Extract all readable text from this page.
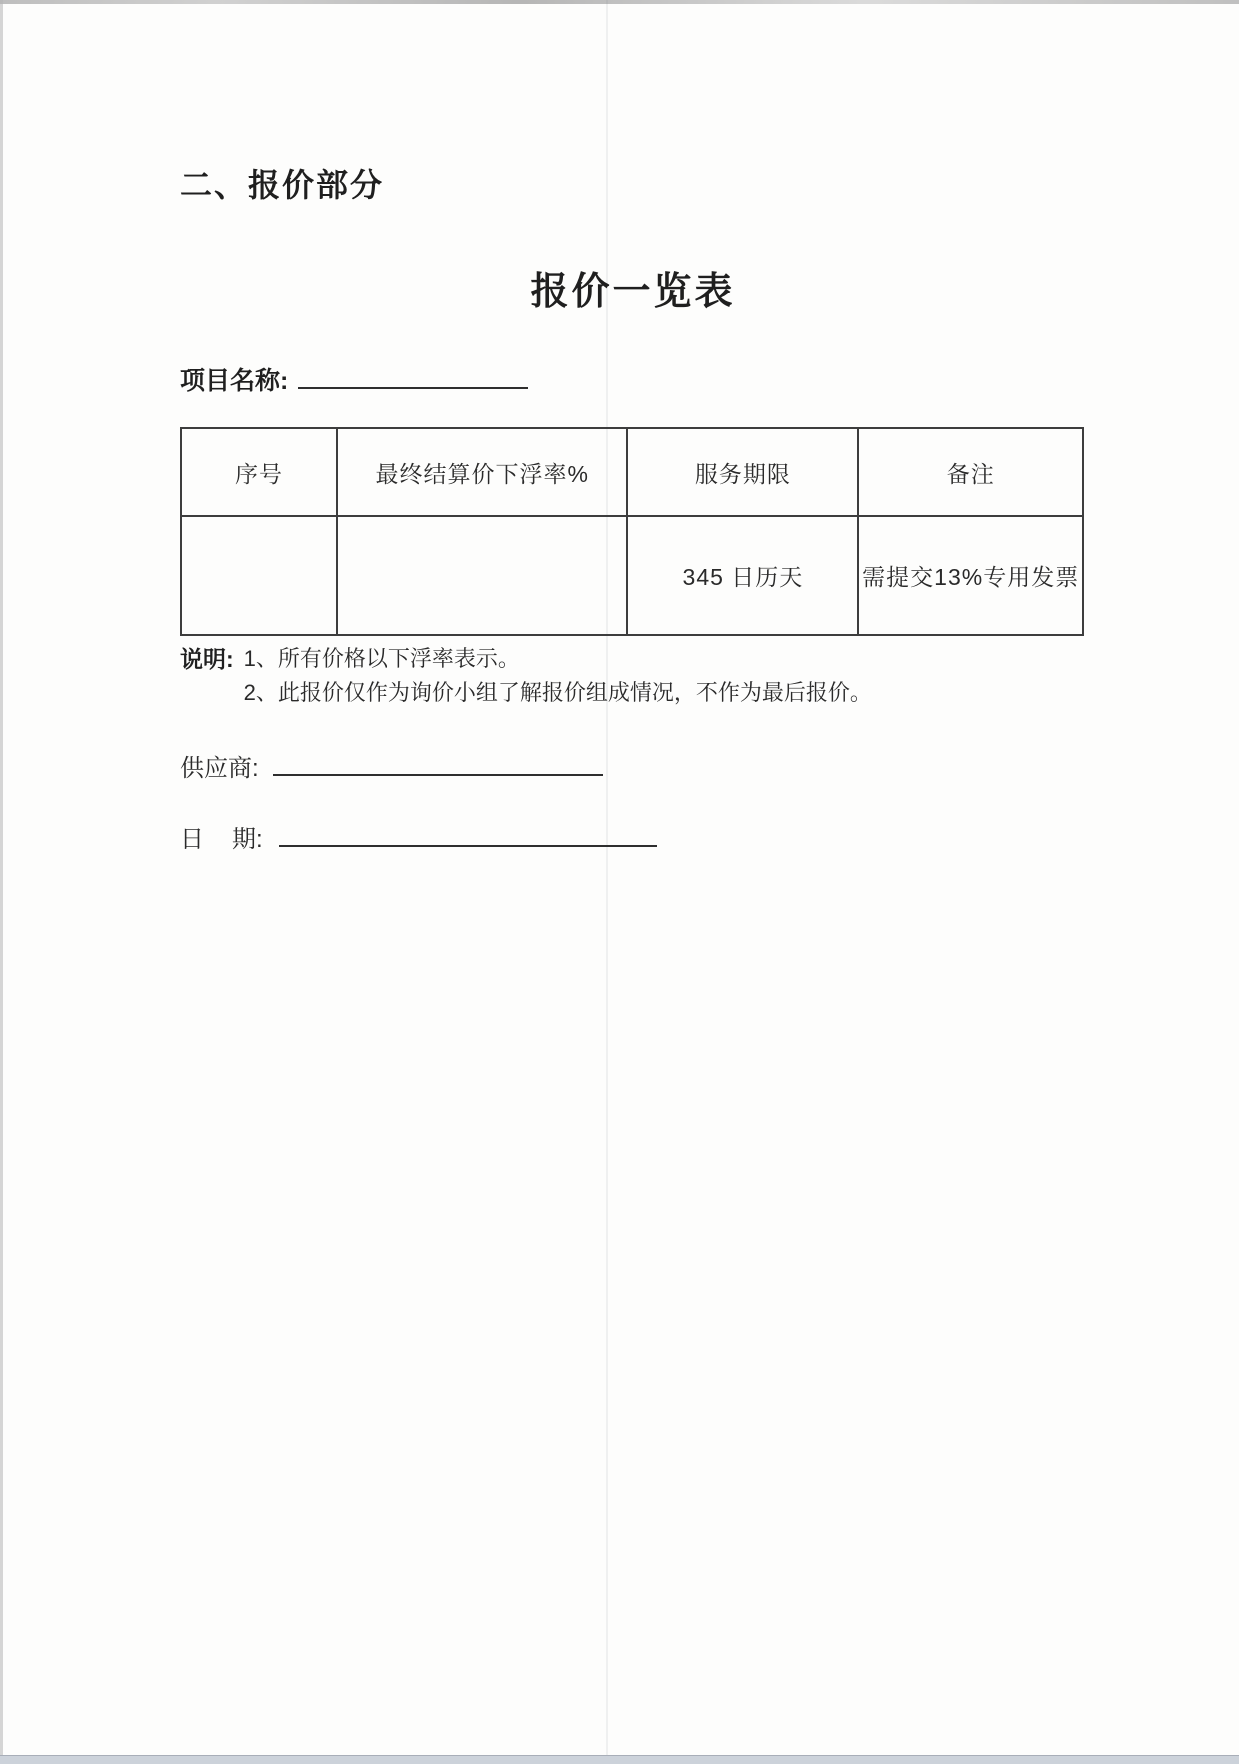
二、报价部分
报价一览表
项目名称:
序号	最终结算价下浮率%	服务期限	备注
		345 日历天	需提交13%专用发票
说明: 1、所有价格以下浮率表示。
2、此报价仅作为询价小组了解报价组成情况，不作为最后报价。
供应商:
日 期:
